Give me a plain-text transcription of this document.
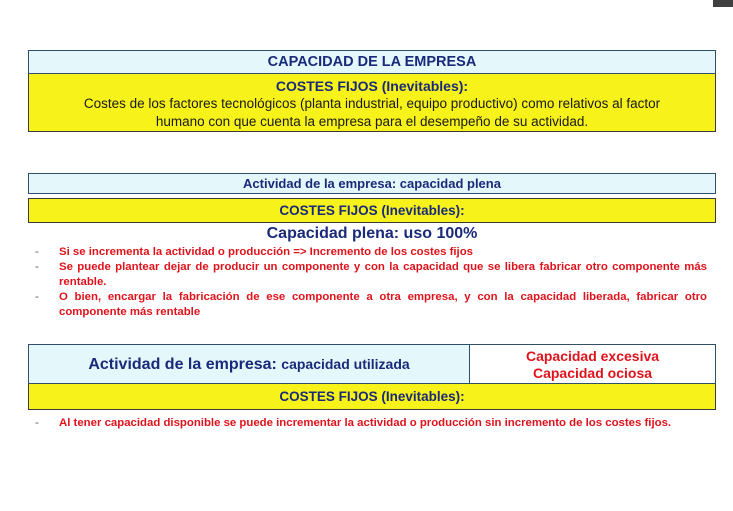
CAPACIDAD DE LA EMPRESA
COSTES FIJOS (Inevitables):
Costes de los factores tecnológicos (planta industrial, equipo productivo) como relativos al factor
humano con que cuenta la empresa para el desempeño de su actividad.
Actividad de la empresa: capacidad plena
COSTES FIJOS (Inevitables):
Capacidad plena: uso 100%
- Si se incrementa la actividad o producción => Incremento de los costes fijos
- Se puede plantear dejar de producir un componente y con la capacidad que se libera fabricar otro componente más rentable.
- O bien, encargar la fabricación de ese componente a otra empresa, y con la capacidad liberada, fabricar otro componente más rentable
Actividad de la empresa: capacidad utilizada	Capacidad excesiva
Capacidad ociosa
COSTES FIJOS (Inevitables):
- Al tener capacidad disponible se puede incrementar la actividad o producción sin incremento de los costes fijos.
